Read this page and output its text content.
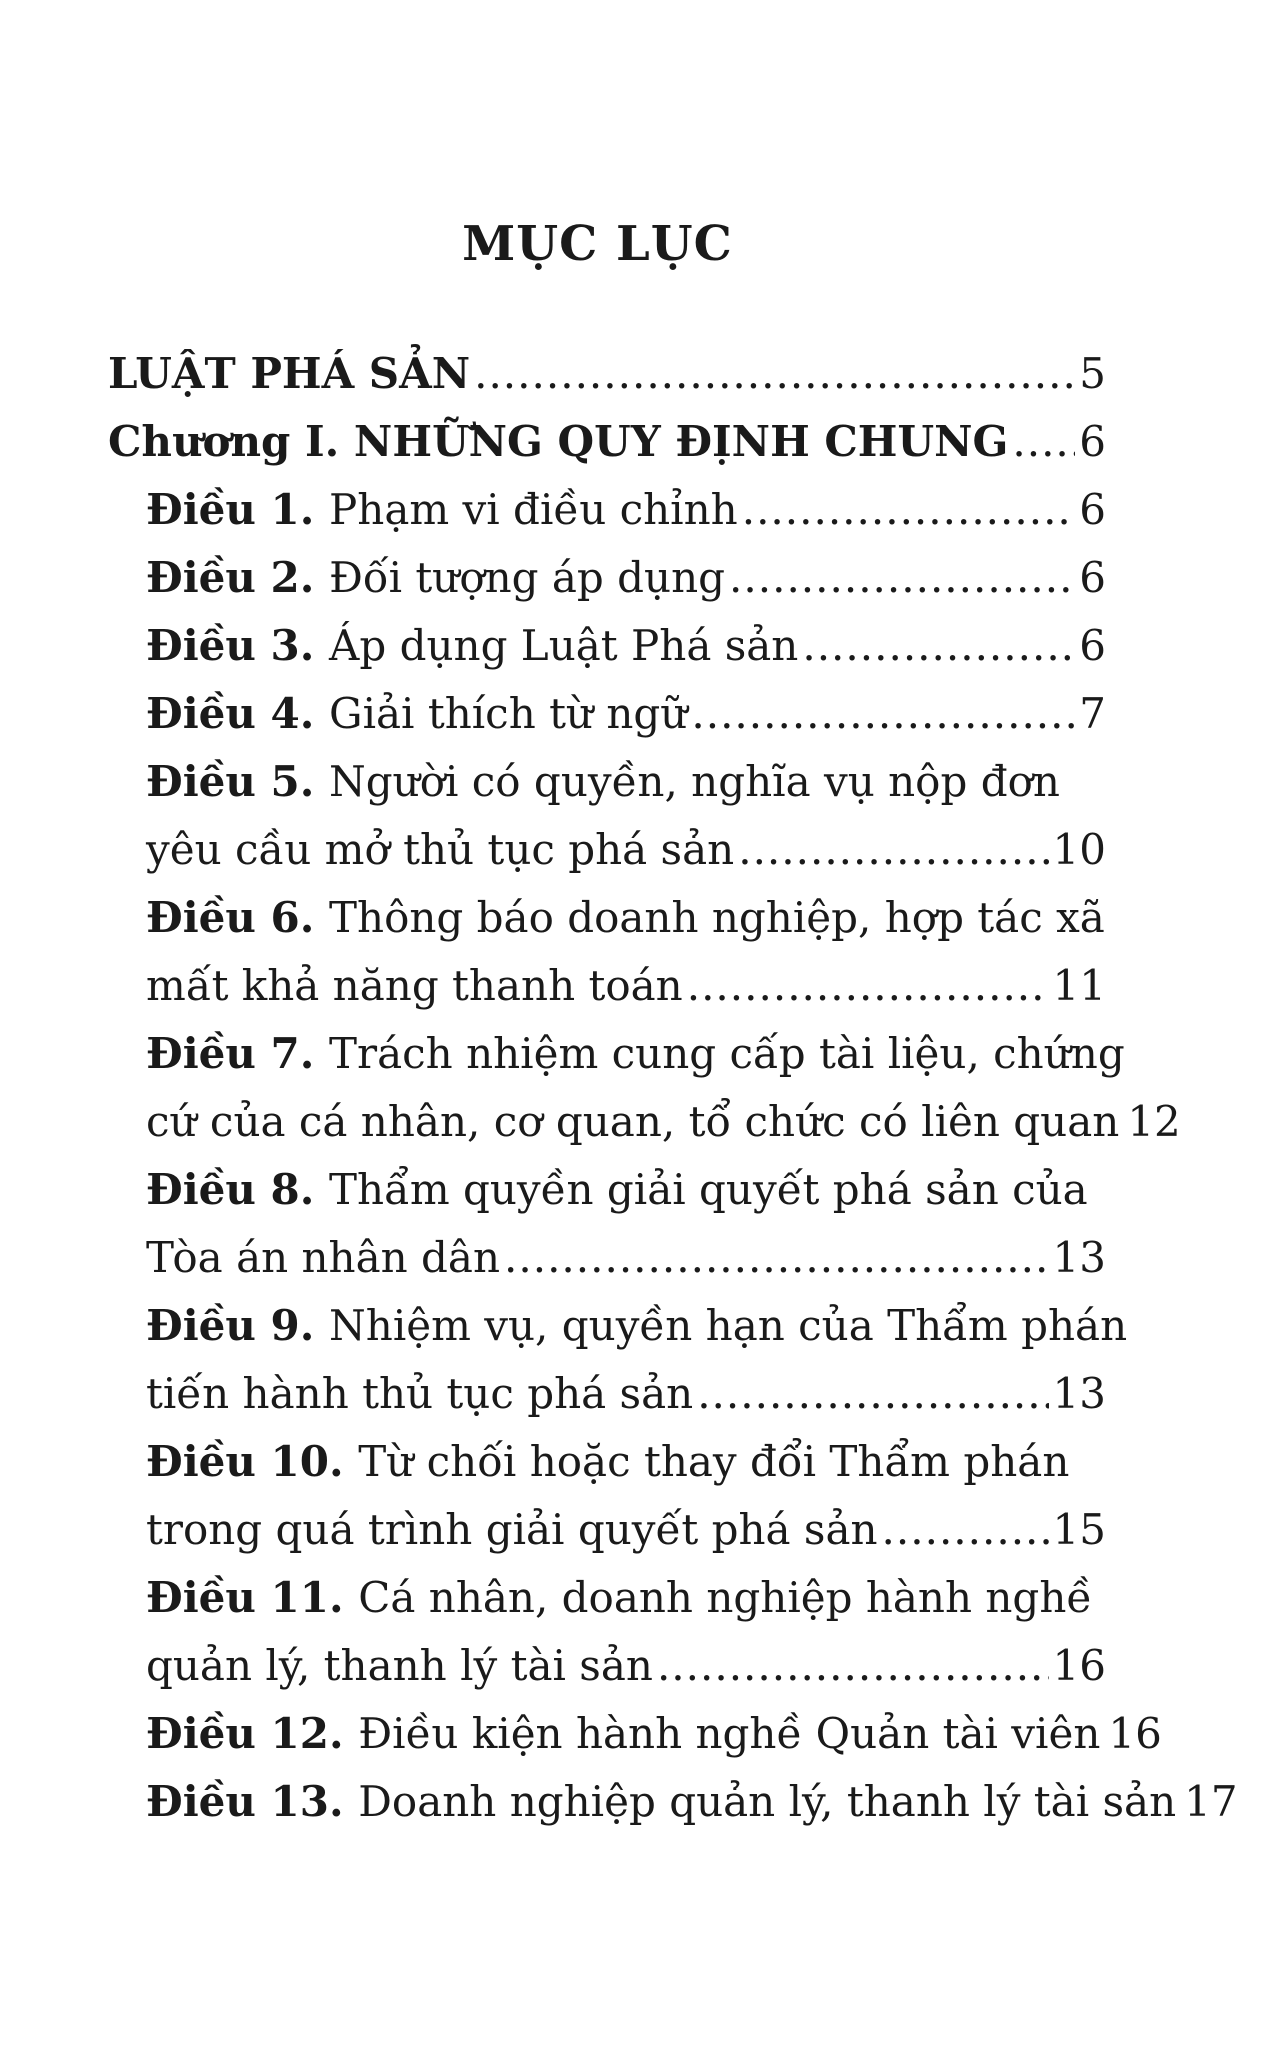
MỤC LỤC
LUẬT PHÁ SẢN .....	5
Chương I. NHỮNG QUY ĐỊNH CHUNG ..... 6
Điều 1. Phạm vi điều chỉnh .....	6
Điều 2. Đối tượng áp dụng .....	6
Điều 3. Áp dụng Luật Phá sản .....	6
Điều 4. Giải thích từ ngữ .....	7
Điều 5. Người có quyền, nghĩa vụ nộp đơn
yêu cầu mở thủ tục phá sản .....	10
Điều 6. Thông báo doanh nghiệp, hợp tác xã
mất khả năng thanh toán .....	11
Điều 7. Trách nhiệm cung cấp tài liệu, chứng
cứ của cá nhân, cơ quan, tổ chức có liên quan 12
Điều 8. Thẩm quyền giải quyết phá sản của
Tòa án nhân dân .....	13
Điều 9. Nhiệm vụ, quyền hạn của Thẩm phán
tiến hành thủ tục phá sản .....	13
Điều 10. Từ chối hoặc thay đổi Thẩm phán
trong quá trình giải quyết phá sản .....	15
Điều 11. Cá nhân, doanh nghiệp hành nghề
quản lý, thanh lý tài sản .....	16
Điều 12. Điều kiện hành nghề Quản tài viên 16
Điều 13. Doanh nghiệp quản lý, thanh lý tài sản 17
